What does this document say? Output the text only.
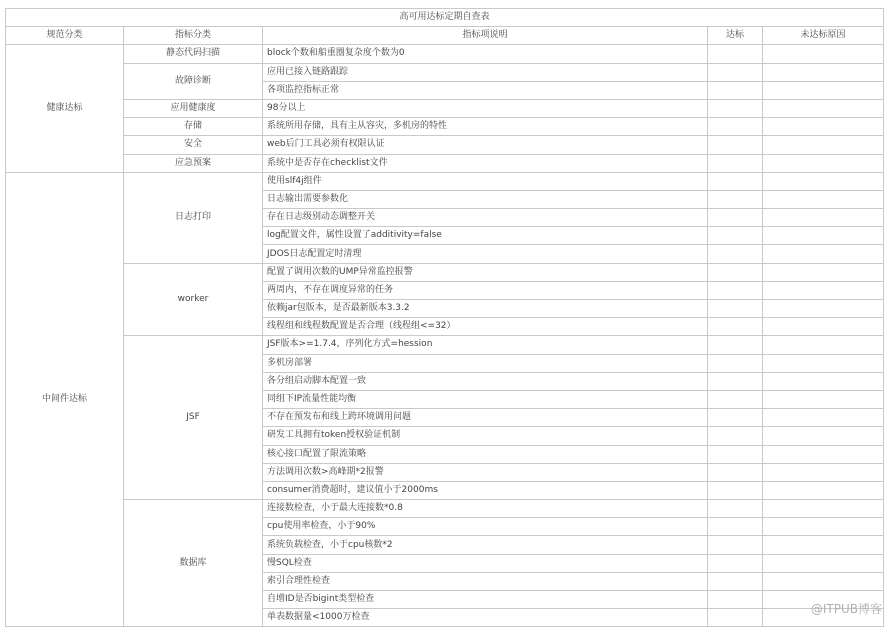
高可用达标定期自查表				
规范分类	指标分类	指标项说明	达标	未达标原因
健康达标	静态代码扫描	block个数和船重圈复杂度个数为0		
	故障诊断	应用已接入链路跟踪		
		各项监控指标正常		
	应用健康度	98分以上		
	存储	系统所用存储，具有主从容灾，多机房的特性		
	安全	web后门工具必须有权限认证		
	应急预案	系统中是否存在checklist文件		
中间件达标	日志打印	使用slf4j组件		
		日志输出需要参数化		
		存在日志级别动态调整开关		
		log配置文件，属性设置了additivity=false		
		JDOS日志配置定时清理		
	worker	配置了调用次数的UMP异常监控报警		
		两周内，不存在调度异常的任务		
		依赖jar包版本，是否最新版本3.3.2		
		线程组和线程数配置是否合理（线程组<=32）		
	JSF	JSF版本>=1.7.4，序列化方式=hession		
		多机房部署		
		各分组启动脚本配置一致		
		同组下IP流量性能均衡		
		不存在预发布和线上跨环境调用问题		
		研发工具拥有token授权验证机制		
		核心接口配置了限流策略		
		方法调用次数>高峰期*2报警		
		consumer消费超时，建议值小于2000ms		
	数据库	连接数检查，小于最大连接数*0.8		
		cpu使用率检查，小于90%		
		系统负载检查，小于cpu核数*2		
		慢SQL检查		
		索引合理性检查		
		自增ID是否bigint类型检查		
		单表数据量<1000万检查		
@ITPUB博客
